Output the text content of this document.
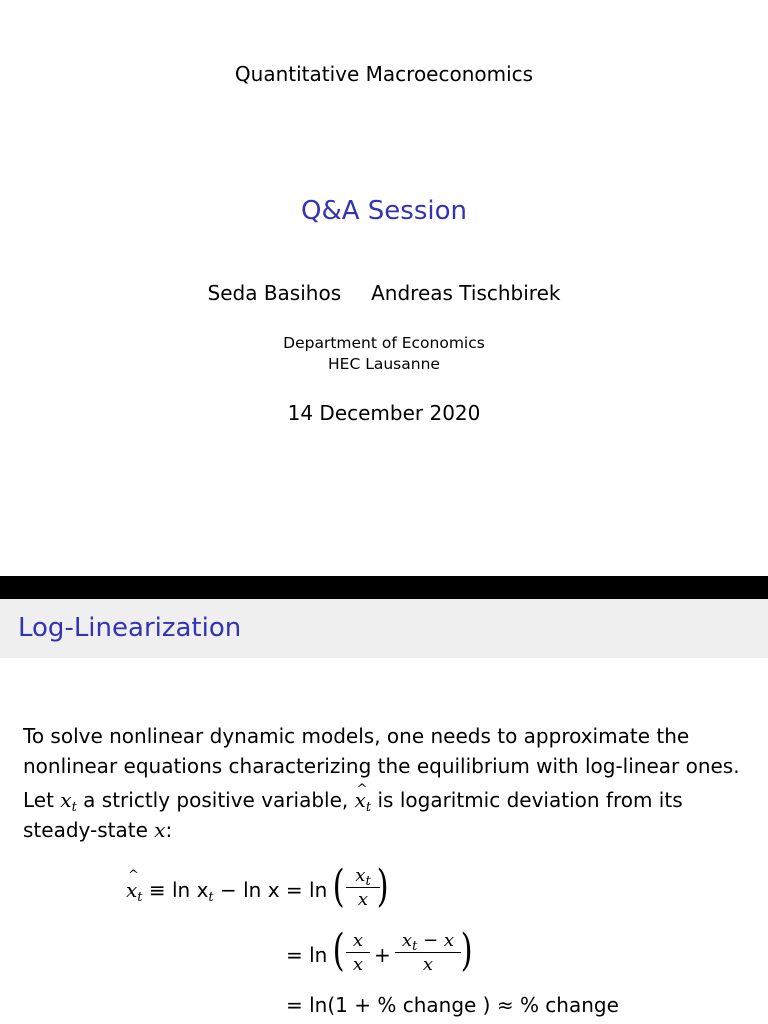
Quantitative Macroeconomics
Q&A Session
Seda Basihos Andreas Tischbirek
Department of Economics
HEC Lausanne
14 December 2020
Log-Linearization
To solve nonlinear dynamic models, one needs to approximate the nonlinear equations characterizing the equilibrium with log-linear ones.
Let $x_t$ a strictly positive variable, $x_t$ ^ is logaritmic deviation from its steady-state x:
$x_t$ ^ ≡ $\ln x_t - \ln x = \ln$ ( $\frac{x_t}{x}$
)
= ln ( $\frac{x}{x} + \frac{x_t - x}{x}$ )
= ln(1 + % change ) ≈ % change
